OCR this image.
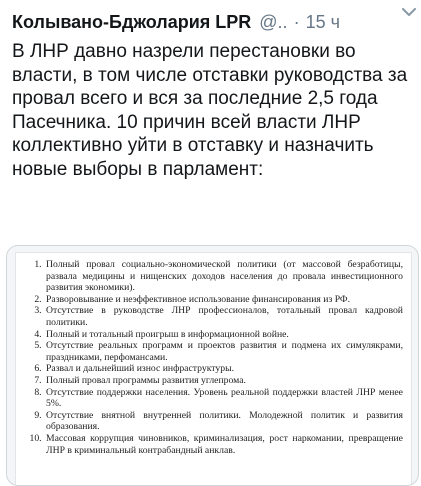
Колывано-Бджолария LPR @.. · 15 ч
В ЛНР давно назрели перестановки во власти, в том числе отставки руководства за провал всего и вся за последние 2,5 года Пасечника. 10 причин всей власти ЛНР коллективно уйти в отставку и назначить новые выборы в парламент:
1. Полный провал социально-экономической политики (от массовой безработицы, развала медицины и нищенских доходов населения до провала инвестиционного развития экономики).
2. Разворовывание и неэффективное использование финансирования из РФ.
3. Отсутствие в руководстве ЛНР профессионалов, тотальный провал кадровой политики.
4. Полный и тотальный проигрыш в информационной войне.
5. Отсутствие реальных программ и проектов развития и подмена их симулякрами, праздниками, перфомансами.
6. Развал и дальнейший износ инфраструктуры.
7. Полный провал программы развития углепрома.
8. Отсутствие поддержки населения. Уровень реальной поддержки властей ЛНР менее 5%.
9. Отсутствие внятной внутренней политики. Молодежной политик и развития образования.
10. Массовая коррупция чиновников, криминализация, рост наркомании, превращение ЛНР в криминальный контрабандный анклав.
